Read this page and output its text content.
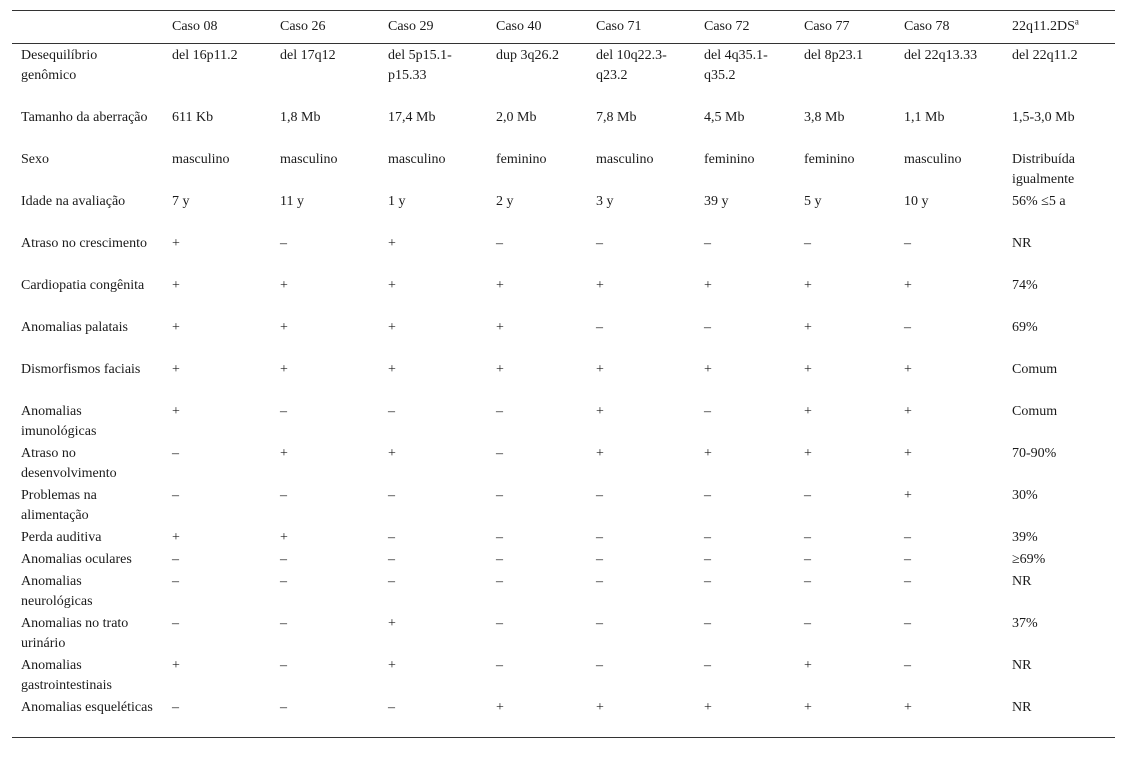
	Caso 08	Caso 26	Caso 29	Caso 40	Caso 71	Caso 72	Caso 77	Caso 78	$22q11.2DS^a$
Desequilíbrio genômico	del 16p11.2	del 17q12	del 5p15.1-p15.33	dup 3q26.2	del 10q22.3-q23.2	del 4q35.1-q35.2	del 8p23.1	del 22q13.33	del 22q11.2
Tamanho da aberração	611 Kb	1,8 Mb	17,4 Mb	2,0 Mb	7,8 Mb	4,5 Mb	3,8 Mb	1,1 Mb	1,5-3,0 Mb
Sexo	masculino	masculino	masculino	feminino	masculino	feminino	feminino	masculino	Distribuída igualmente
Idade na avaliação	7 y	11 y	1 y	2 y	3 y	39 y	5 y	10 y	56% ≤5 a
Atraso no crescimento	+	–	+	–	–	–	–	–	NR
Cardiopatia congênita	+	+	+	+	+	+	+	+	74%
Anomalias palatais	+	+	+	+	–	–	+	–	69%
Dismorfismos faciais	+	+	+	+	+	+	+	+	Comum
Anomalias imunológicas	+	–	–	–	+	–	+	+	Comum
Atraso no desenvolvimento	–	+	+	–	+	+	+	+	70-90%
Problemas na alimentação	–	–	–	–	–	–	–	+	30%
Perda auditiva	+	+	–	–	–	–	–	–	39%
Anomalias oculares	–	–	–	–	–	–	–	–	≥69%
Anomalias neurológicas	–	–	–	–	–	–	–	–	NR
Anomalias no trato urinário	–	–	+	–	–	–	–	–	37%
Anomalias gastrointestinais	+	–	+	–	–	–	+	–	NR
Anomalias esqueléticas	–	–	–	+	+	+	+	+	NR
